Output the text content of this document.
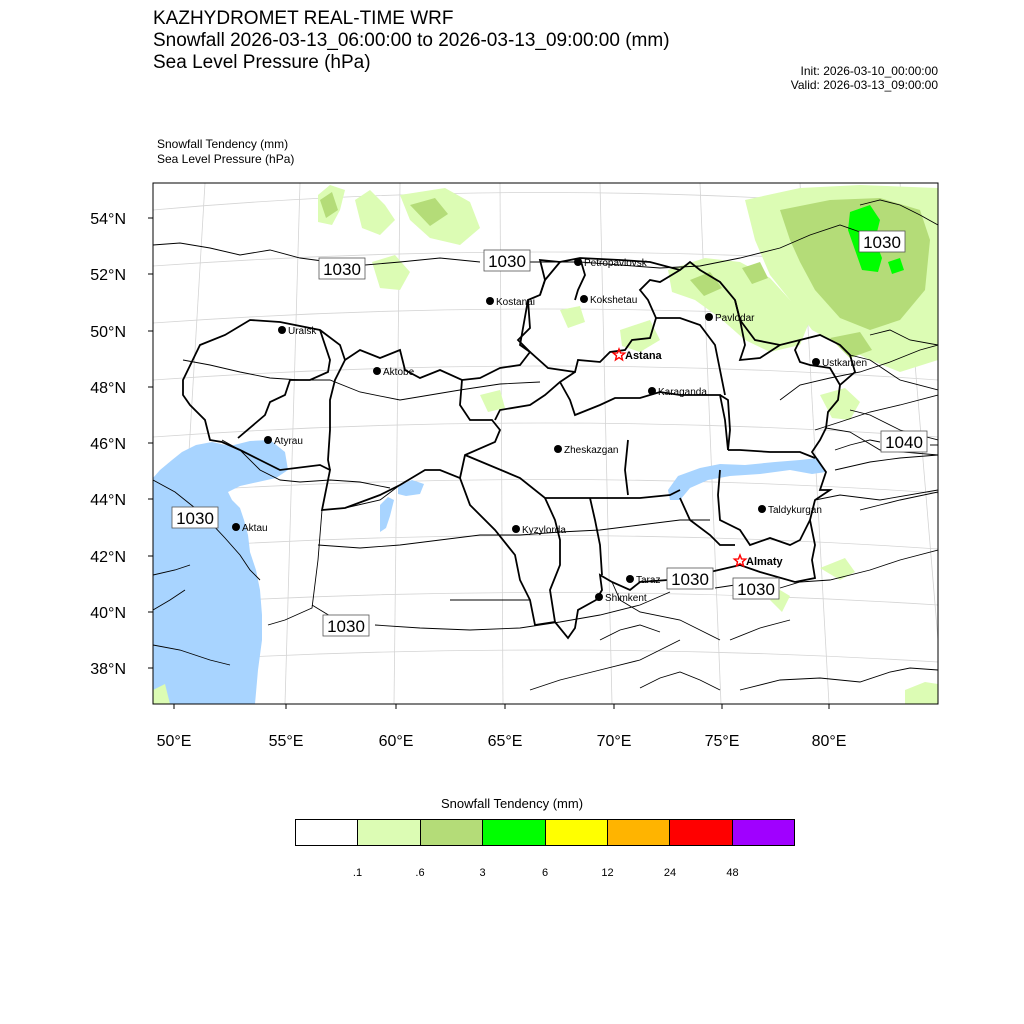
KAZHYDROMET REAL-TIME WRF
Snowfall 2026-03-13_06:00:00 to 2026-03-13_09:00:00 (mm)
Sea Level Pressure (hPa)	Init: 2026-03-10_00:00:00
Valid: 2026-03-13_09:00:00
Snowfall Tendency (mm)
Sea Level Pressure (hPa)
1030	1030
1030
1030
1030
1030
1030
1040
Petropavlovsk
Kostanai	Kokshetau
Pavlodar
Uralsk
Astana
Aktobe
Ustkamen
Karaganda
Atyrau
Zheskazgan
Aktau	Kyzylorda
Taldykurgan
Almaty
Taraz
Shimkent
54°N
52°N
50°N
48°N
46°N
44°N
42°N
40°N
38°N
50°E	55°E	60°E	65°E	70°E	75°E	80°E
Snowfall Tendency (mm)
.1	.6	3	6	12	24	48
